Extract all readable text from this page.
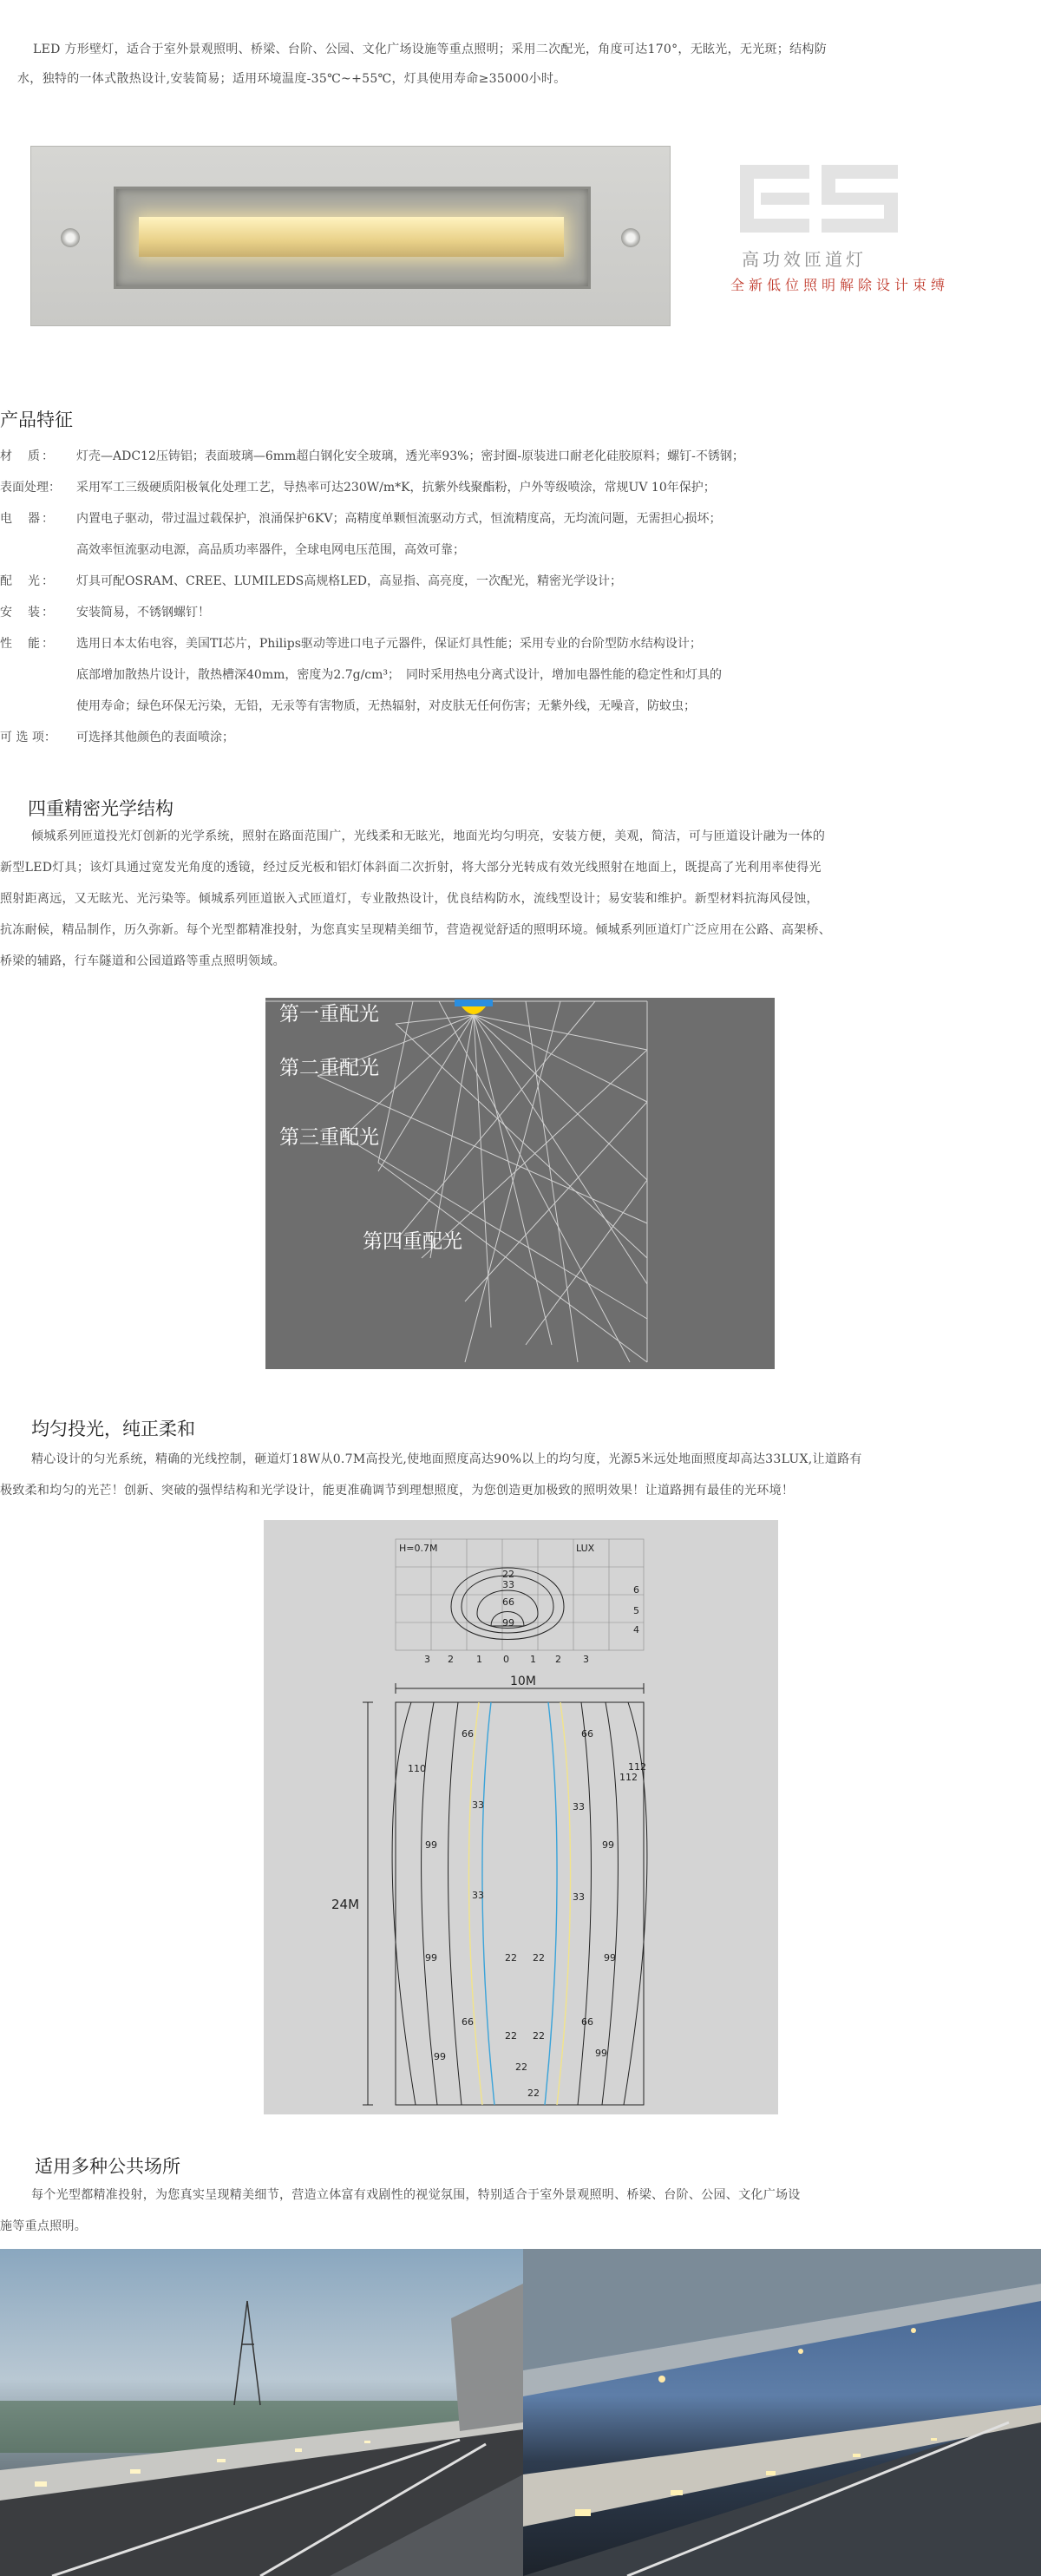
LED 方形壁灯，适合于室外景观照明、桥梁、台阶、公园、文化广场设施等重点照明；采用二次配光，角度可达170°，无眩光，无光斑；结构防
水，独特的一体式散热设计,安装简易；适用环境温度-35℃~+55℃，灯具使用寿命≥35000小时。
高功效匝道灯
全新低位照明解除设计束缚
产品特征
材　质：	灯壳—ADC12压铸铝；表面玻璃—6mm超白钢化安全玻璃，透光率93%；密封圈-原装进口耐老化硅胶原料；螺钉-不锈钢；
表面处理：	采用军工三级硬质阳极氧化处理工艺，导热率可达230W/m*K，抗紫外线聚酯粉，户外等级喷涂，常规UV 10年保护；
电　器：	内置电子驱动，带过温过载保护，浪涌保护6KV；高精度单颗恒流驱动方式，恒流精度高，无均流问题，无需担心损坏；
高效率恒流驱动电源，高品质功率器件，全球电网电压范围，高效可靠；
配　光：	灯具可配OSRAM、CREE、LUMILEDS高规格LED，高显指、高亮度，一次配光，精密光学设计；
安　装：	安装简易，不锈钢螺钉！
性　能：	选用日本太佑电容，美国TI芯片，Philips驱动等进口电子元器件，保证灯具性能；采用专业的台阶型防水结构设计；
底部增加散热片设计，散热槽深40mm，密度为2.7g/cm³；　同时采用热电分离式设计，增加电器性能的稳定性和灯具的
使用寿命；绿色环保无污染，无铅，无汞等有害物质，无热辐射，对皮肤无任何伤害；无紫外线，无噪音，防蚊虫；
可 选 项：	可选择其他颜色的表面喷涂；
四重精密光学结构
倾城系列匝道投光灯创新的光学系统，照射在路面范围广，光线柔和无眩光，地面光均匀明亮，安装方便，美观，简洁，可与匝道设计融为一体的
新型LED灯具；该灯具通过宽发光角度的透镜，经过反光板和铝灯体斜面二次折射，将大部分光转成有效光线照射在地面上，既提高了光利用率使得光
照射距离远，又无眩光、光污染等。倾城系列匝道嵌入式匝道灯，专业散热设计，优良结构防水，流线型设计；易安装和维护。新型材料抗海风侵蚀，
抗冻耐候，精品制作，历久弥新。每个光型都精准投射，为您真实呈现精美细节，营造视觉舒适的照明环境。倾城系列匝道灯广泛应用在公路、高架桥、
桥梁的辅路，行车隧道和公园道路等重点照明领域。
第一重配光
第二重配光
第三重配光
第四重配光
均匀投光，纯正柔和
精心设计的匀光系统，精确的光线控制，砸道灯18W从0.7M高投光,使地面照度高达90%以上的均匀度，光源5米远处地面照度却高达33LUX,让道路有
极致柔和均匀的光芒！创新、突破的强悍结构和光学设计，能更准确调节到理想照度，为您创造更加极致的照明效果！让道路拥有最佳的光环境！
H=0.7M	LUX
22
33
66
99
6
5
4
3 2 1 0 1 2 3
10M
24M
66
110
33
99
99
33
22
66
99
66
112
112
33
99
33
99
66
99
22
22 22
22
22
适用多种公共场所
每个光型都精准投射，为您真实呈现精美细节，营造立体富有戏剧性的视觉氛围，特别适合于室外景观照明、桥梁、台阶、公园、文化广场设
施等重点照明。
